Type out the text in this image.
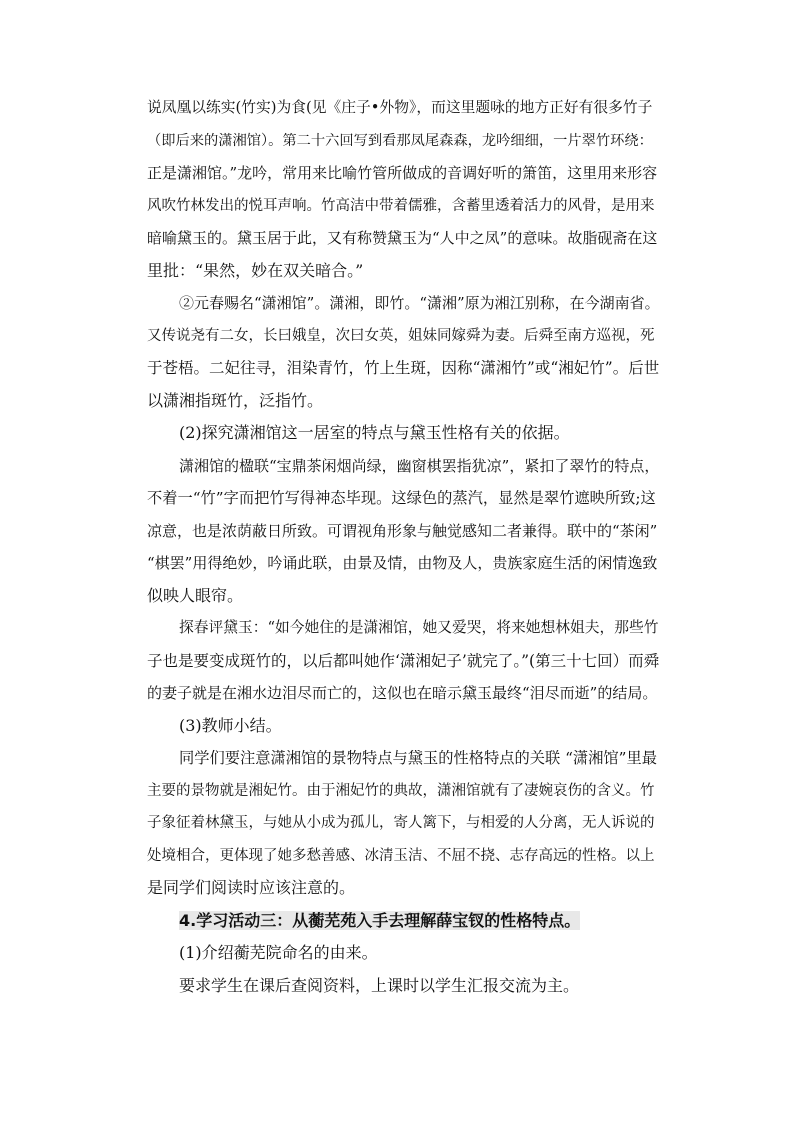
说凤凰以练实(竹实)为食(见《庄子•外物》，而这里题咏的地方正好有很多竹子
（即后来的潇湘馆）。第二十六回写到看那凤尾森森，龙吟细细，一片翠竹环绕：
正是潇湘馆。”龙吟，常用来比喻竹管所做成的音调好听的箫笛，这里用来形容
风吹竹林发出的悦耳声响。竹高洁中带着儒雅，含蓄里透着活力的风骨，是用来
暗喻黛玉的。黛玉居于此，又有称赞黛玉为“人中之凤”的意味。故脂砚斋在这
里批：“果然，妙在双关暗合。”
②元春赐名“潇湘馆”。潇湘，即竹。“潇湘”原为湘江别称，在今湖南省。
又传说尧有二女，长曰娥皇，次曰女英，姐妹同嫁舜为妻。后舜至南方巡视，死
于苍梧。二妃往寻，泪染青竹，竹上生斑，因称“潇湘竹”或“湘妃竹”。后世
以潇湘指斑竹，泛指竹。
(2)探究潇湘馆这一居室的特点与黛玉性格有关的依据。
潇湘馆的楹联“宝鼎茶闲烟尚绿，幽窗棋罢指犹凉”，紧扣了翠竹的特点，
不着一“竹”字而把竹写得神态毕现。这绿色的蒸汽，显然是翠竹遮映所致;这
凉意，也是浓荫蔽日所致。可谓视角形象与触觉感知二者兼得。联中的“茶闲”
“棋罢”用得绝妙，吟诵此联，由景及情，由物及人，贵族家庭生活的闲情逸致
似映人眼帘。
探春评黛玉：“如今她住的是潇湘馆，她又爱哭，将来她想林姐夫，那些竹
子也是要变成斑竹的，以后都叫她作‘潇湘妃子’就完了。”(第三十七回）而舜
的妻子就是在湘水边泪尽而亡的，这似也在暗示黛玉最终“泪尽而逝”的结局。
(3)教师小结。
同学们要注意潇湘馆的景物特点与黛玉的性格特点的关联 “潇湘馆”里最
主要的景物就是湘妃竹。由于湘妃竹的典故，潇湘馆就有了凄婉哀伤的含义。竹
子象征着林黛玉，与她从小成为孤儿，寄人篱下，与相爱的人分离，无人诉说的
处境相合，更体现了她多愁善感、冰清玉洁、不屈不挠、志存高远的性格。以上
是同学们阅读时应该注意的。
4.学习活动三：从蘅芜苑入手去理解薛宝钗的性格特点。
(1)介绍蘅芜院命名的由来。
要求学生在课后查阅资料，上课时以学生汇报交流为主。
